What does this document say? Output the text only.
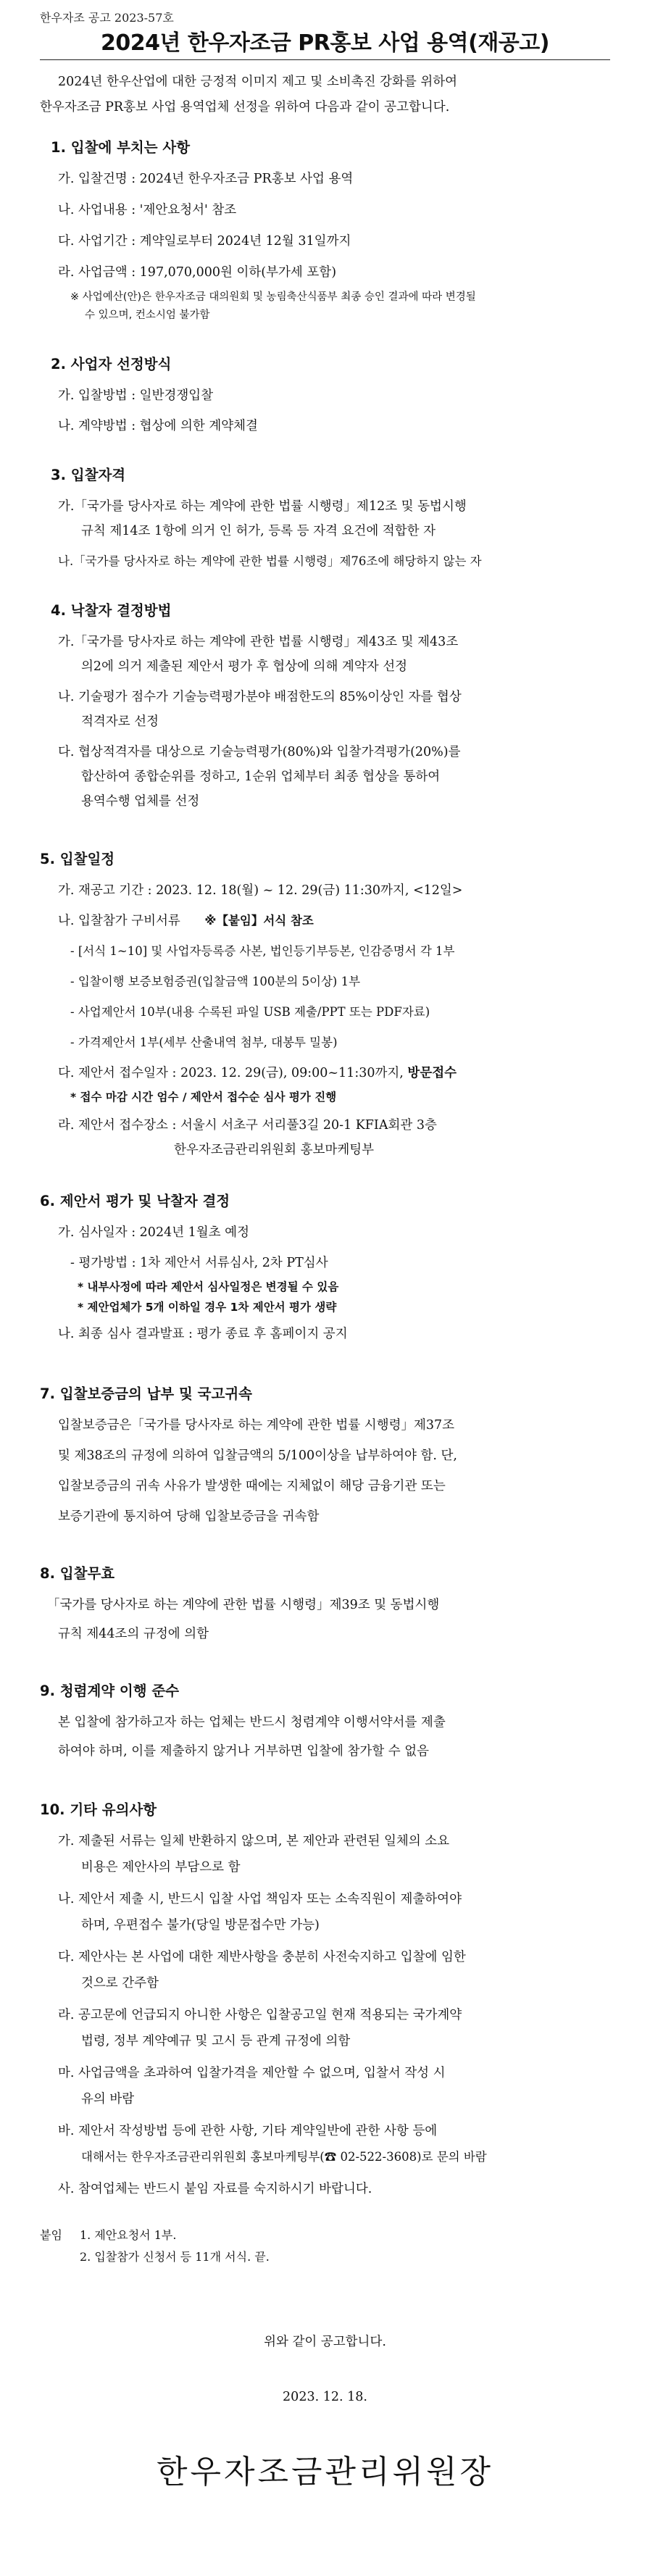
한우자조 공고 2023-57호
2024년 한우자조금 PR홍보 사업 용역(재공고)
2024년 한우산업에 대한 긍정적 이미지 제고 및 소비촉진 강화를 위하여
한우자조금 PR홍보 사업 용역업체 선정을 위하여 다음과 같이 공고합니다.
1. 입찰에 부치는 사항
가. 입찰건명 : 2024년 한우자조금 PR홍보 사업 용역
나. 사업내용 : '제안요청서' 참조
다. 사업기간 : 계약일로부터 2024년 12월 31일까지
라. 사업금액 : 197,070,000원 이하(부가세 포함)
※ 사업예산(안)은 한우자조금 대의원회 및 농림축산식품부 최종 승인 결과에 따라 변경될
수 있으며, 컨소시엄 불가함
2. 사업자 선정방식
가. 입찰방법 : 일반경쟁입찰
나. 계약방법 : 협상에 의한 계약체결
3. 입찰자격
가.「국가를 당사자로 하는 계약에 관한 법률 시행령」제12조 및 동법시행
규칙 제14조 1항에 의거 인 허가, 등록 등 자격 요건에 적합한 자
나.「국가를 당사자로 하는 계약에 관한 법률 시행령」제76조에 해당하지 않는 자
4. 낙찰자 결정방법
가.「국가를 당사자로 하는 계약에 관한 법률 시행령」제43조 및 제43조
의2에 의거 제출된 제안서 평가 후 협상에 의해 계약자 선정
나. 기술평가 점수가 기술능력평가분야 배점한도의 85%이상인 자를 협상
적격자로 선정
다. 협상적격자를 대상으로 기술능력평가(80%)와 입찰가격평가(20%)를
합산하여 종합순위를 정하고, 1순위 업체부터 최종 협상을 통하여
용역수행 업체를 선정
5. 입찰일정
가. 재공고 기간 : 2023. 12. 18(월) ~ 12. 29(금) 11:30까지, <12일>
나. 입찰참가 구비서류 ※【붙임】서식 참조
- [서식 1~10] 및 사업자등록증 사본, 법인등기부등본, 인감증명서 각 1부
- 입찰이행 보증보험증권(입찰금액 100분의 5이상) 1부
- 사업제안서 10부(내용 수록된 파일 USB 제출/PPT 또는 PDF자료)
- 가격제안서 1부(세부 산출내역 첨부, 대봉투 밀봉)
다. 제안서 접수일자 : 2023. 12. 29(금), 09:00~11:30까지, 방문접수
* 접수 마감 시간 엄수 / 제안서 접수순 심사 평가 진행
라. 제안서 접수장소 : 서울시 서초구 서리풀3길 20-1 KFIA회관 3층
한우자조금관리위원회 홍보마케팅부
6. 제안서 평가 및 낙찰자 결정
가. 심사일자 : 2024년 1월초 예정
- 평가방법 : 1차 제안서 서류심사, 2차 PT심사
* 내부사정에 따라 제안서 심사일정은 변경될 수 있음
* 제안업체가 5개 이하일 경우 1차 제안서 평가 생략
나. 최종 심사 결과발표 : 평가 종료 후 홈페이지 공지
7. 입찰보증금의 납부 및 국고귀속
입찰보증금은「국가를 당사자로 하는 계약에 관한 법률 시행령」제37조
및 제38조의 규정에 의하여 입찰금액의 5/100이상을 납부하여야 함. 단,
입찰보증금의 귀속 사유가 발생한 때에는 지체없이 해당 금융기관 또는
보증기관에 통지하여 당해 입찰보증금을 귀속함
8. 입찰무효
「국가를 당사자로 하는 계약에 관한 법률 시행령」제39조 및 동법시행
규칙 제44조의 규정에 의함
9. 청렴계약 이행 준수
본 입찰에 참가하고자 하는 업체는 반드시 청렴계약 이행서약서를 제출
하여야 하며, 이를 제출하지 않거나 거부하면 입찰에 참가할 수 없음
10. 기타 유의사항
가. 제출된 서류는 일체 반환하지 않으며, 본 제안과 관련된 일체의 소요
비용은 제안사의 부담으로 함
나. 제안서 제출 시, 반드시 입찰 사업 책임자 또는 소속직원이 제출하여야
하며, 우편접수 불가(당일 방문접수만 가능)
다. 제안사는 본 사업에 대한 제반사항을 충분히 사전숙지하고 입찰에 임한
것으로 간주함
라. 공고문에 언급되지 아니한 사항은 입찰공고일 현재 적용되는 국가계약
법령, 정부 계약예규 및 고시 등 관계 규정에 의함
마. 사업금액을 초과하여 입찰가격을 제안할 수 없으며, 입찰서 작성 시
유의 바람
바. 제안서 작성방법 등에 관한 사항, 기타 계약일반에 관한 사항 등에
대해서는 한우자조금관리위원회 홍보마케팅부(☎ 02-522-3608)로 문의 바람
사. 참여업체는 반드시 붙임 자료를 숙지하시기 바랍니다.
붙임 1. 제안요청서 1부.
2. 입찰참가 신청서 등 11개 서식. 끝.
위와 같이 공고합니다.
2023. 12. 18.
한우자조금관리위원장
